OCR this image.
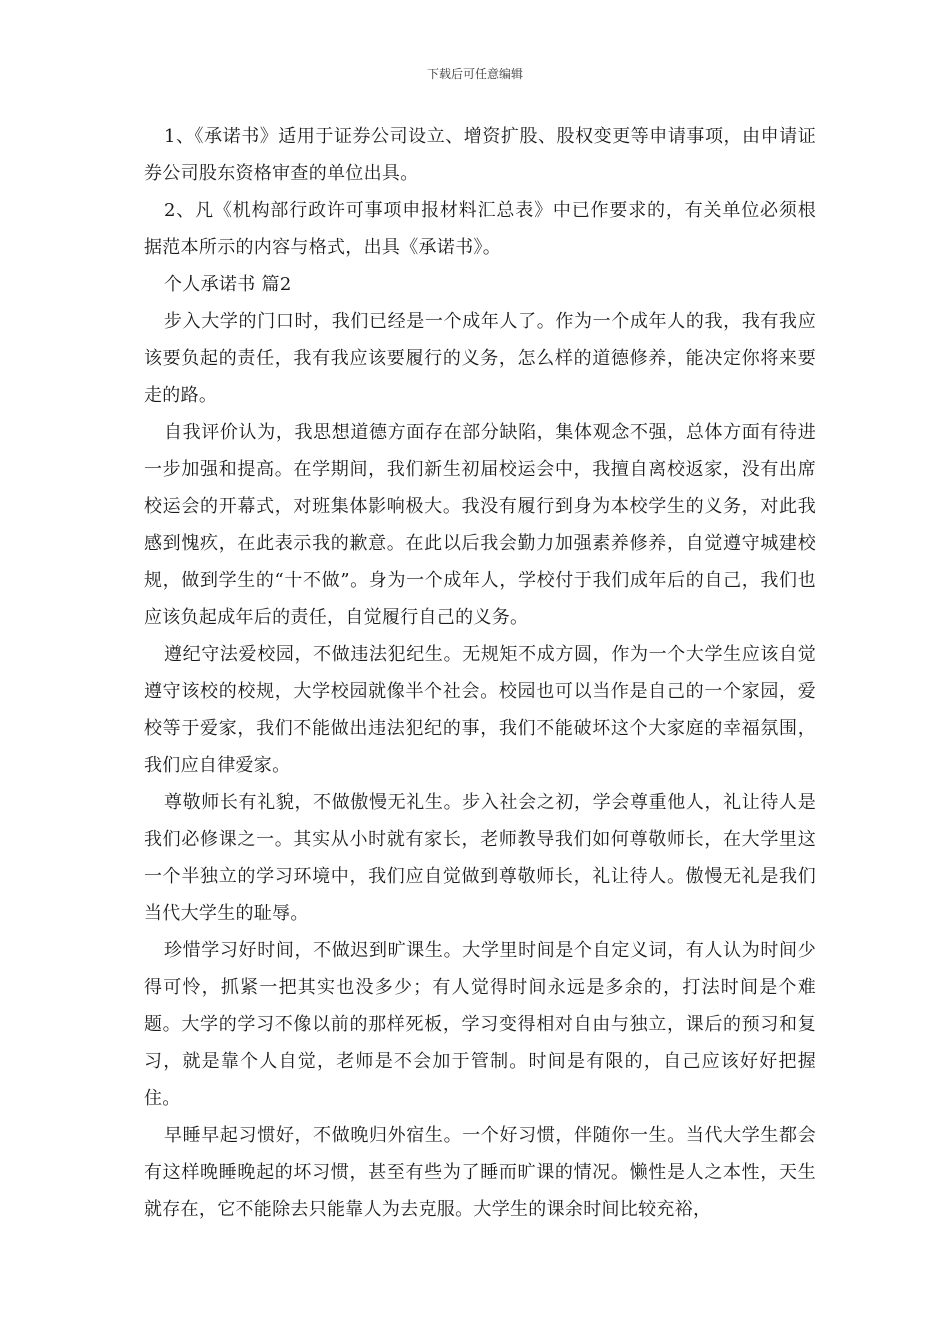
下载后可任意编辑

1、《承诺书》适用于证券公司设立、增资扩股、股权变更等申请事项，由申请证券公司股东资格审查的单位出具。

2、凡《机构部行政许可事项申报材料汇总表》中已作要求的，有关单位必须根据范本所示的内容与格式，出具《承诺书》。

个人承诺书 篇2

步入大学的门口时，我们已经是一个成年人了。作为一个成年人的我，我有我应该要负起的责任，我有我应该要履行的义务，怎么样的道德修养，能决定你将来要走的路。

自我评价认为，我思想道德方面存在部分缺陷，集体观念不强，总体方面有待进一步加强和提高。在学期间，我们新生初届校运会中，我擅自离校返家，没有出席校运会的开幕式，对班集体影响极大。我没有履行到身为本校学生的义务，对此我感到愧疚，在此表示我的歉意。在此以后我会勤力加强素养修养，自觉遵守城建校规，做到学生的“十不做”。身为一个成年人，学校付于我们成年后的自己，我们也应该负起成年后的责任，自觉履行自己的义务。

遵纪守法爱校园，不做违法犯纪生。无规矩不成方圆，作为一个大学生应该自觉遵守该校的校规，大学校园就像半个社会。校园也可以当作是自己的一个家园，爱校等于爱家，我们不能做出违法犯纪的事，我们不能破坏这个大家庭的幸福氛围，我们应自律爱家。

尊敬师长有礼貌，不做傲慢无礼生。步入社会之初，学会尊重他人，礼让待人是我们必修课之一。其实从小时就有家长，老师教导我们如何尊敬师长，在大学里这一个半独立的学习环境中，我们应自觉做到尊敬师长，礼让待人。傲慢无礼是我们当代大学生的耻辱。

珍惜学习好时间，不做迟到旷课生。大学里时间是个自定义词，有人认为时间少得可怜，抓紧一把其实也没多少；有人觉得时间永远是多余的，打法时间是个难题。大学的学习不像以前的那样死板，学习变得相对自由与独立，课后的预习和复习，就是靠个人自觉，老师是不会加于管制。时间是有限的，自己应该好好把握住。

早睡早起习惯好，不做晚归外宿生。一个好习惯，伴随你一生。当代大学生都会有这样晚睡晚起的坏习惯，甚至有些为了睡而旷课的情况。懒性是人之本性，天生就存在，它不能除去只能靠人为去克服。大学生的课余时间比较充裕，
